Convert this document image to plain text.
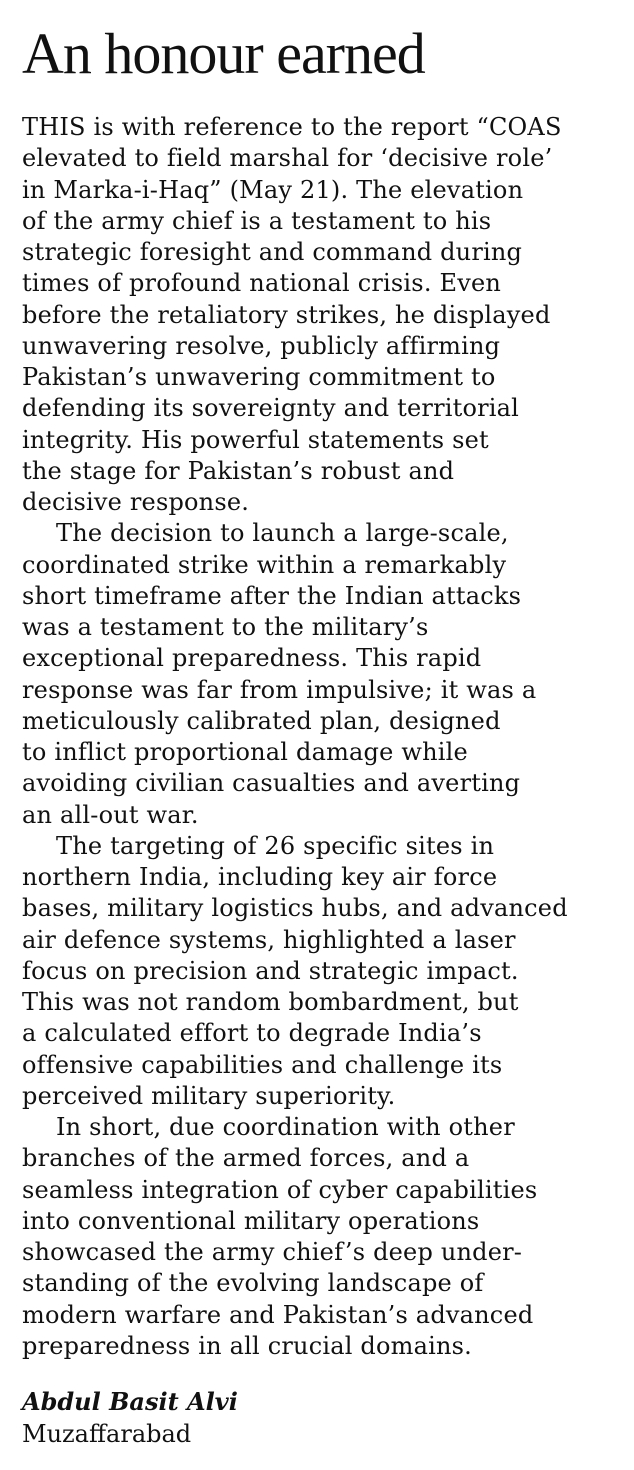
An honour earned

THIS is with reference to the report “COAS
elevated to field marshal for ‘decisive role’
in Marka-i-Haq” (May 21). The elevation
of the army chief is a testament to his
strategic foresight and command during
times of profound national crisis. Even
before the retaliatory strikes, he displayed
unwavering resolve, publicly affirming
Pakistan’s unwavering commitment to
defending its sovereignty and territorial
integrity. His powerful statements set
the stage for Pakistan’s robust and
decisive response.

The decision to launch a large-scale,
coordinated strike within a remarkably
short timeframe after the Indian attacks
was a testament to the military’s
exceptional preparedness. This rapid
response was far from impulsive; it was a
meticulously calibrated plan, designed
to inflict proportional damage while
avoiding civilian casualties and averting
an all-out war.

The targeting of 26 specific sites in
northern India, including key air force
bases, military logistics hubs, and advanced
air defence systems, highlighted a laser
focus on precision and strategic impact.
This was not random bombardment, but
a calculated effort to degrade India’s
offensive capabilities and challenge its
perceived military superiority.

In short, due coordination with other
branches of the armed forces, and a
seamless integration of cyber capabilities
into conventional military operations
showcased the army chief’s deep under-
standing of the evolving landscape of
modern warfare and Pakistan’s advanced
preparedness in all crucial domains.

Abdul Basit Alvi
Muzaffarabad
